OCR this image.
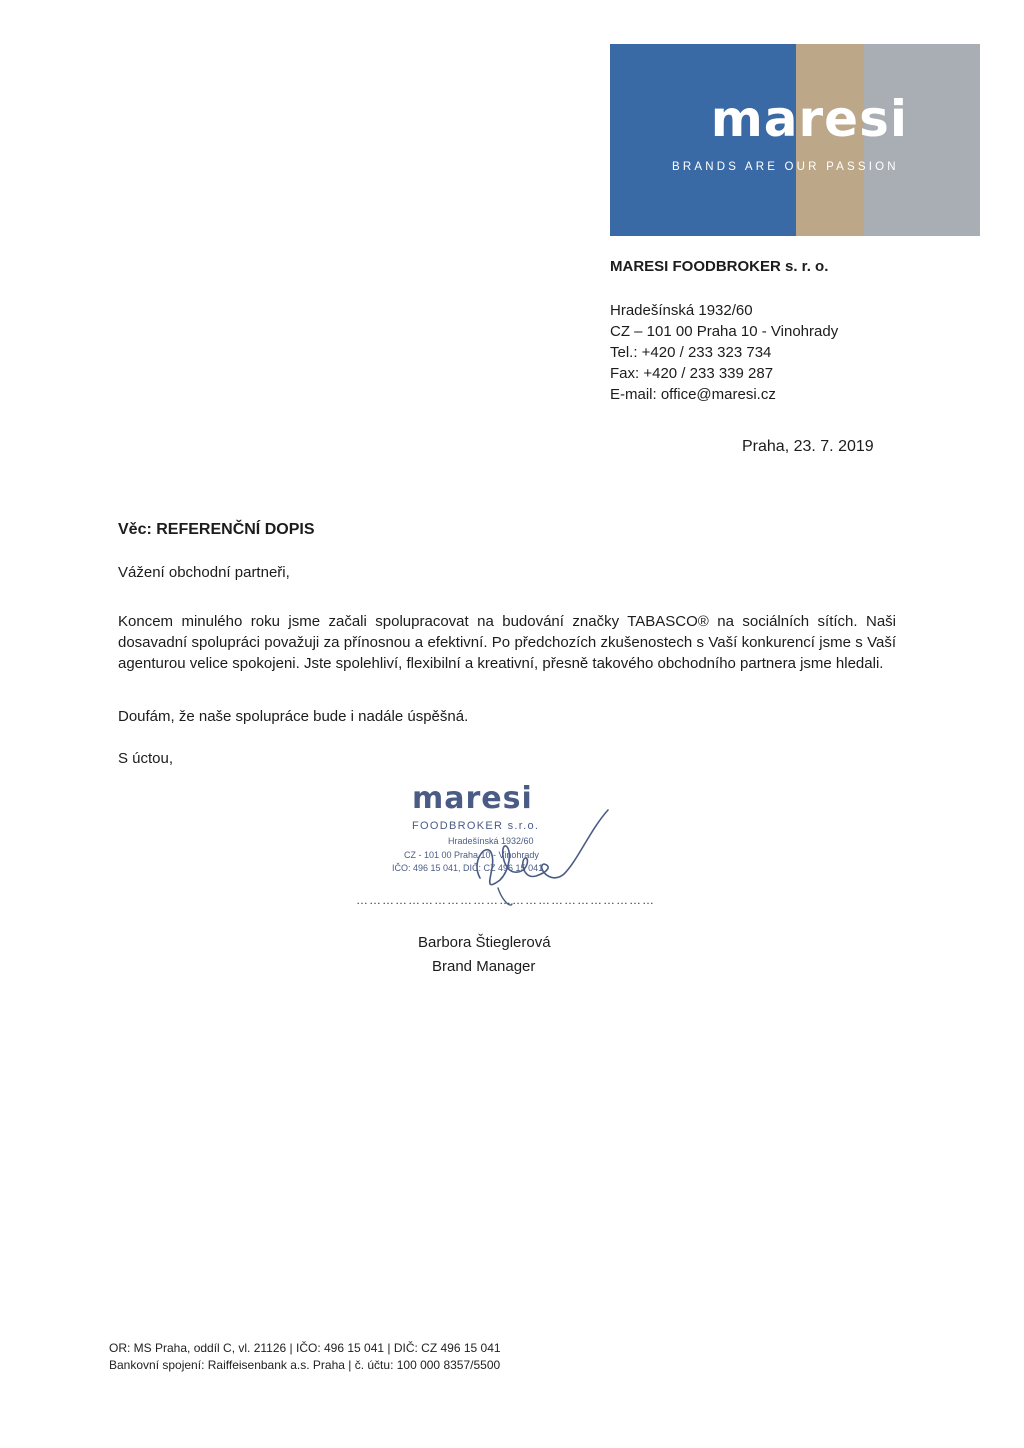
maresi
BRANDS ARE OUR PASSION
MARESI FOODBROKER s. r. o.
Hradešínská 1932/60
CZ – 101 00 Praha 10 - Vinohrady
Tel.: +420 / 233 323 734
Fax: +420 / 233 339 287
E-mail: office@maresi.cz
Praha, 23. 7. 2019
Věc: REFERENČNÍ DOPIS
Vážení obchodní partneři,
Koncem minulého roku jsme začali spolupracovat na budování značky TABASCO® na sociálních sítích. Naši dosavadní spolupráci považuji za přínosnou a efektivní. Po předchozích zkušenostech s Vaší konkurencí jsme s Vaší agenturou velice spokojeni. Jste spolehliví, flexibilní a kreativní, přesně takového obchodního partnera jsme hledali.
Doufám, že naše spolupráce bude i nadále úspěšná.
S úctou,
maresi
FOODBROKER s.r.o.
Hradešínská 1932/60
CZ - 101 00 Praha 10 - Vinohrady
IČO: 496 15 041, DIČ: CZ 496 15 041
……………………………………………………………
Barbora Štieglerová
Brand Manager
OR: MS Praha, oddíl C, vl. 21126 | IČO: 496 15 041 | DIČ: CZ 496 15 041
Bankovní spojení: Raiffeisenbank a.s. Praha | č. účtu: 100 000 8357/5500
